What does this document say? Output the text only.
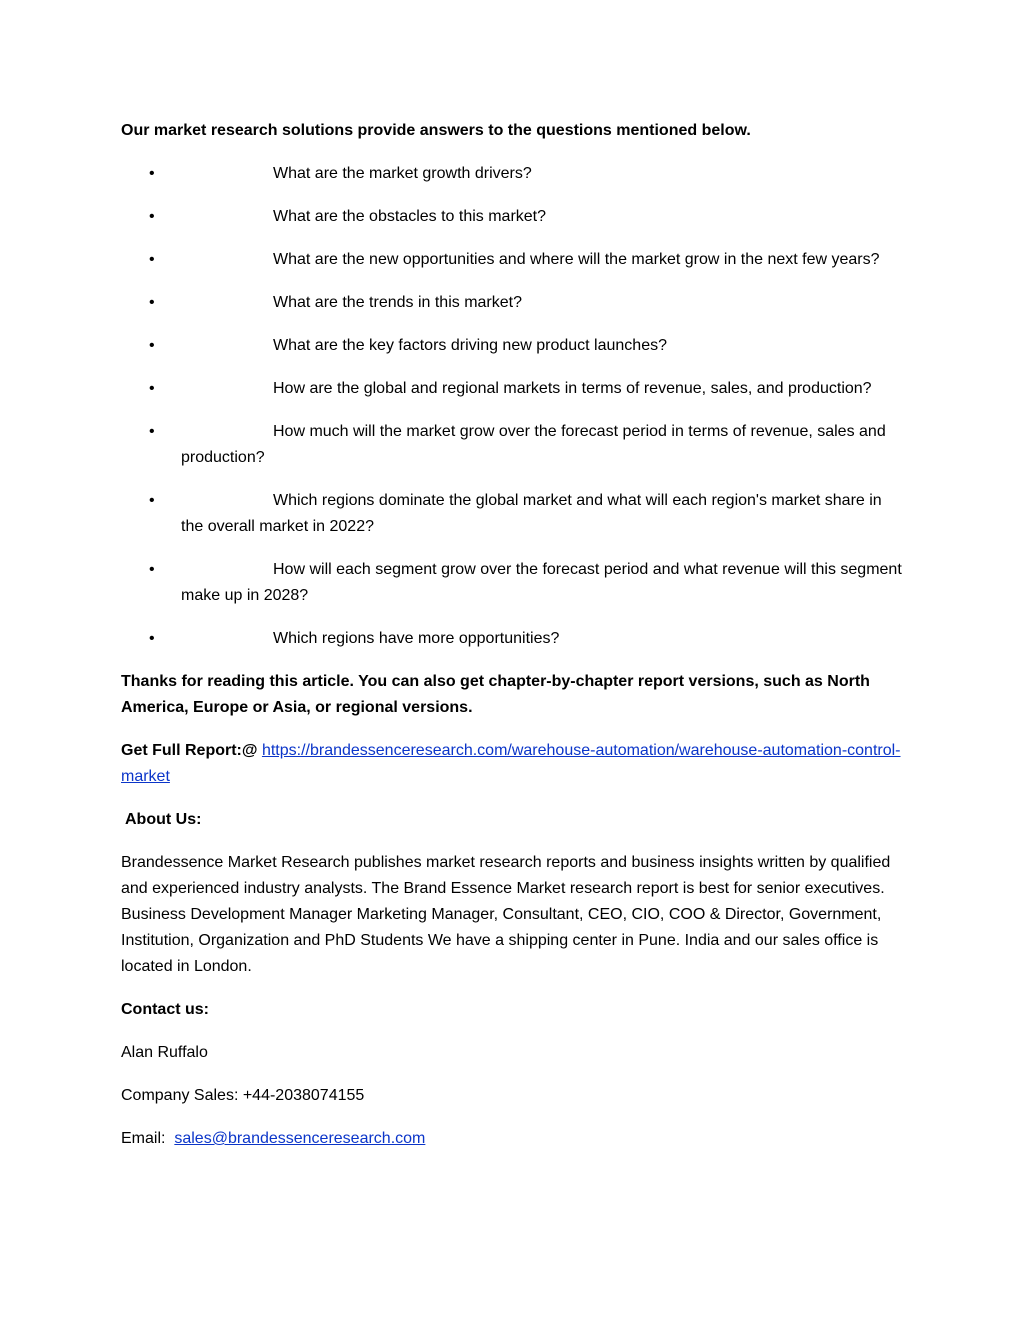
Our market research solutions provide answers to the questions mentioned below.

•	What are the market growth drivers?
•	What are the obstacles to this market?
•	What are the new opportunities and where will the market grow in the next few years?
•	What are the trends in this market?
•	What are the key factors driving new product launches?
•	How are the global and regional markets in terms of revenue, sales, and production?
•	How much will the market grow over the forecast period in terms of revenue, sales and production?
•	Which regions dominate the global market and what will each region's market share in the overall market in 2022?
•	How will each segment grow over the forecast period and what revenue will this segment make up in 2028?
•	Which regions have more opportunities?

Thanks for reading this article. You can also get chapter-by-chapter report versions, such as North America, Europe or Asia, or regional versions.

Get Full Report:@ https://brandessenceresearch.com/warehouse-automation/warehouse-automation-control-market

About Us:

Brandessence Market Research publishes market research reports and business insights written by qualified and experienced industry analysts. The Brand Essence Market research report is best for senior executives. Business Development Manager Marketing Manager, Consultant, CEO, CIO, COO & Director, Government, Institution, Organization and PhD Students We have a shipping center in Pune. India and our sales office is located in London.

Contact us:

Alan Ruffalo

Company Sales: +44-2038074155

Email: sales@brandessenceresearch.com
